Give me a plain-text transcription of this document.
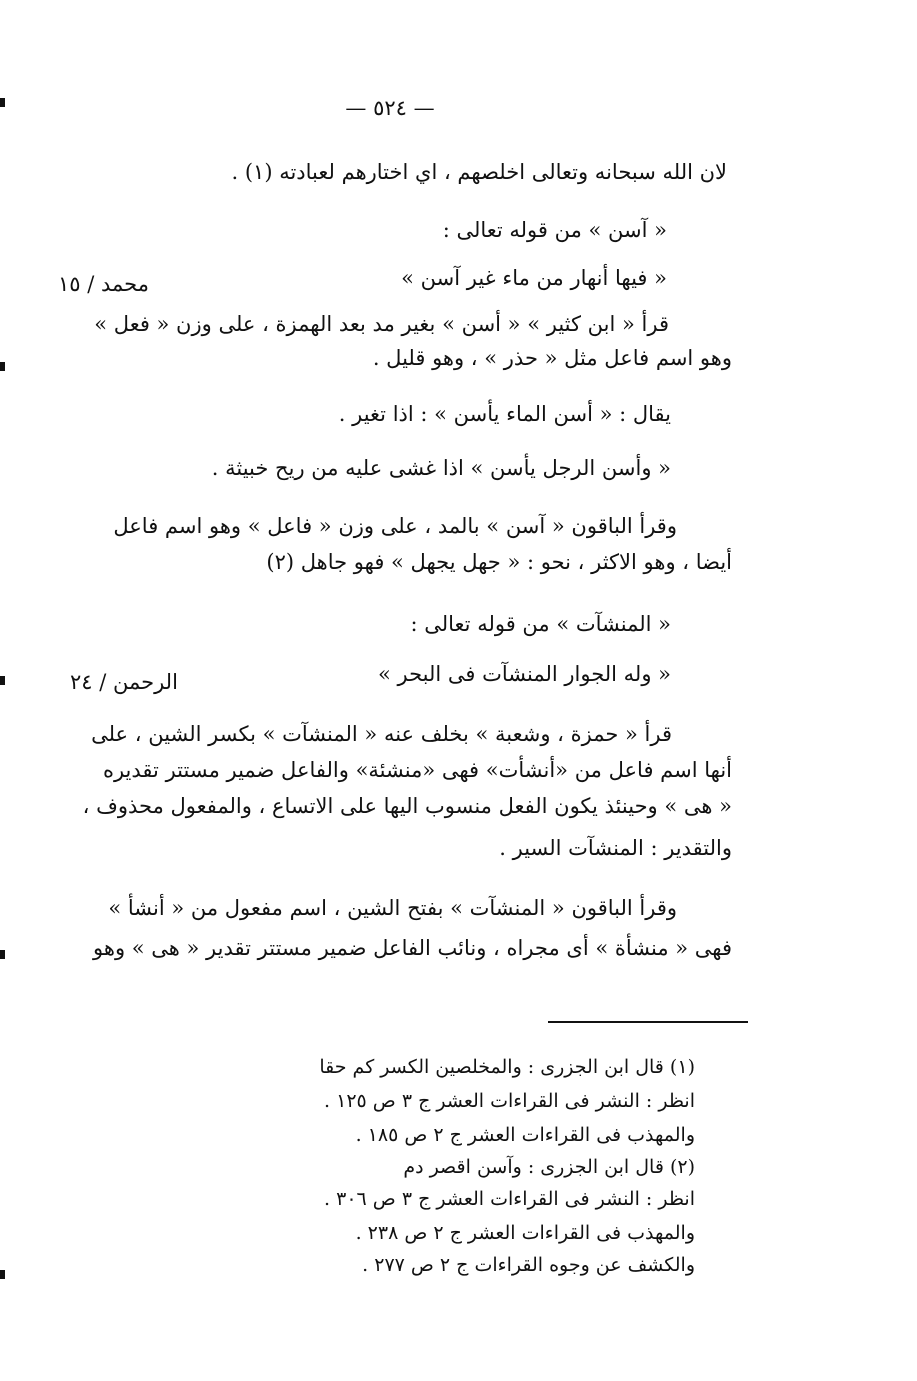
— ٥٢٤ —
لان الله سبحانه وتعالى اخلصهم ، اي اختارهم لعبادته (١) .
« آسن » من قوله تعالى :
« فيها أنهار من ماء غير آسن »
محمد / ١٥
قرأ « ابن كثير » « أسن » بغير مد بعد الهمزة ، على وزن « فعل »
وهو اسم فاعل مثل « حذر » ، وهو قليل .
يقال : « أسن الماء يأسن » : اذا تغير .
« وأسن الرجل يأسن » اذا غشى عليه من ريح خبيثة .
وقرأ الباقون « آسن » بالمد ، على وزن « فاعل » وهو اسم فاعل
أيضا ، وهو الاكثر ، نحو : « جهل يجهل » فهو جاهل (٢)
« المنشآت » من قوله تعالى :
« وله الجوار المنشآت فى البحر »
الرحمن / ٢٤
قرأ « حمزة ، وشعبة » بخلف عنه « المنشآت » بكسر الشين ، على
أنها اسم فاعل من «أنشأت» فهى «منشئة» والفاعل ضمير مستتر تقديره
« هى » وحينئذ يكون الفعل منسوب اليها على الاتساع ، والمفعول محذوف ،
والتقدير : المنشآت السير .
وقرأ الباقون « المنشآت » بفتح الشين ، اسم مفعول من « أنشأ »
فهى « منشأة » أى مجراه ، ونائب الفاعل ضمير مستتر تقدير « هى » وهو
(١) قال ابن الجزرى : والمخلصين الكسر كم حقا
انظر : النشر فى القراءات العشر ج ٣ ص ١٢٥ .
والمهذب فى القراءات العشر ج ٢ ص ١٨٥ .
(٢) قال ابن الجزرى : وآسن اقصر دم
انظر : النشر فى القراءات العشر ج ٣ ص ٣٠٦ .
والمهذب فى القراءات العشر ج ٢ ص ٢٣٨ .
والكشف عن وجوه القراءات ج ٢ ص ٢٧٧ .
